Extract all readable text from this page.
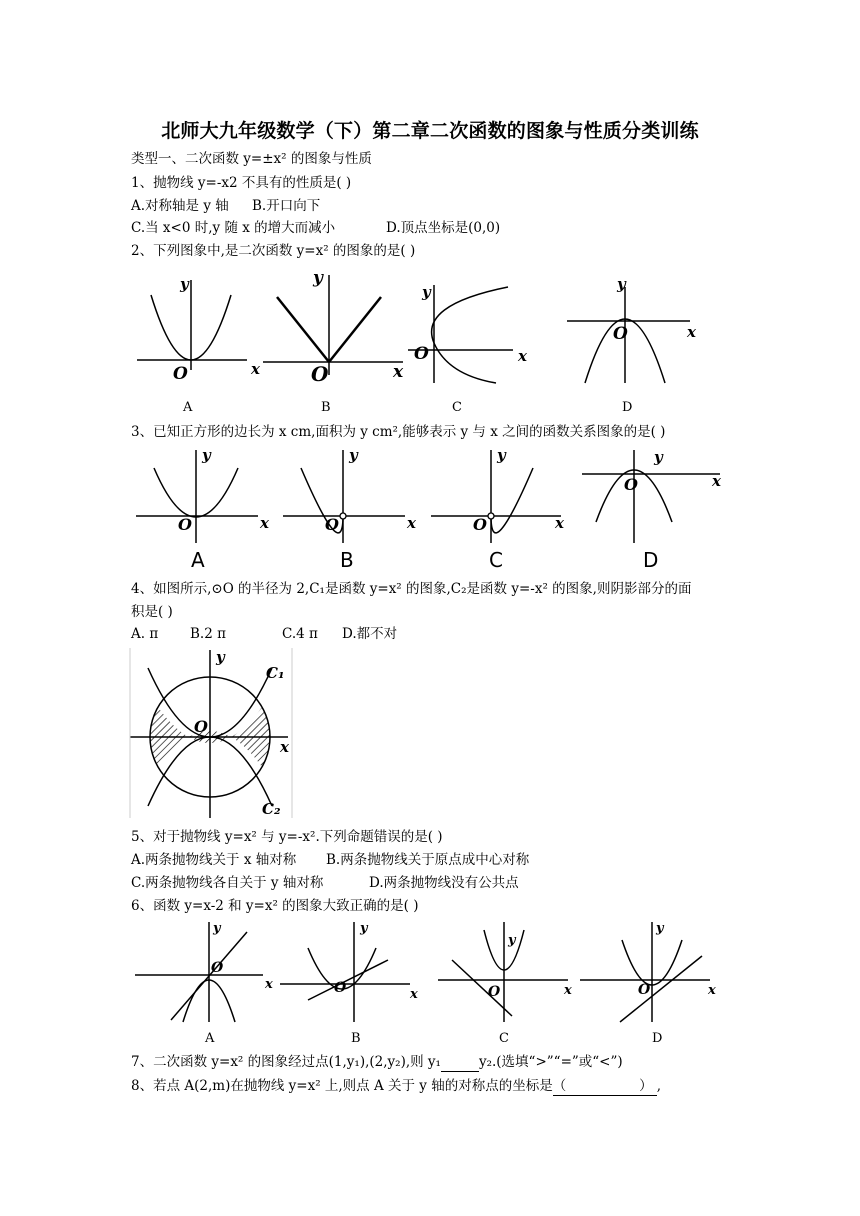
北师大九年级数学（下）第二章二次函数的图象与性质分类训练
类型一、二次函数 y=±x² 的图象与性质
1、抛物线 y=-x2 不具有的性质是( )
A.对称轴是 y 轴 B.开口向下
C.当 x<0 时,y 随 x 的增大而减小	D.顶点坐标是(0,0)
2、下列图象中,是二次函数 y=x² 的图象的是( )
y
O	x
y
O	x
y
O	x
y
O	x
A	B	C	D
3、已知正方形的边长为 x cm,面积为 y cm²,能够表示 y 与 x 之间的函数关系图象的是( )
y
O	x
y
O	x
y
O	x
y
O	x
A	B	C	D
4、如图所示,⊙O 的半径为 2,C₁是函数 y=x² 的图象,C₂是函数 y=-x² 的图象,则阴影部分的面
积是( )
A. π B.2 π	C.4 π D.都不对
y
O
x
C₁
C₂
5、对于抛物线 y=x² 与 y=-x².下列命题错误的是( )
A.两条抛物线关于 x 轴对称 B.两条抛物线关于原点成中心对称
C.两条抛物线各自关于 y 轴对称	D.两条抛物线没有公共点
6、函数 y=x-2 和 y=x² 的图象大致正确的是( )
y
O
x
y
O	x
y
O	x
y
O	x
A	B	C	D
7、二次函数 y=x² 的图象经过点(1,y₁),(2,y₂),则 y₁	y₂.(选填“>”“=”或“<”)
8、若点 A(2,m)在抛物线 y=x² 上,则点 A 关于 y 轴的对称点的坐标是（                 ） ,
